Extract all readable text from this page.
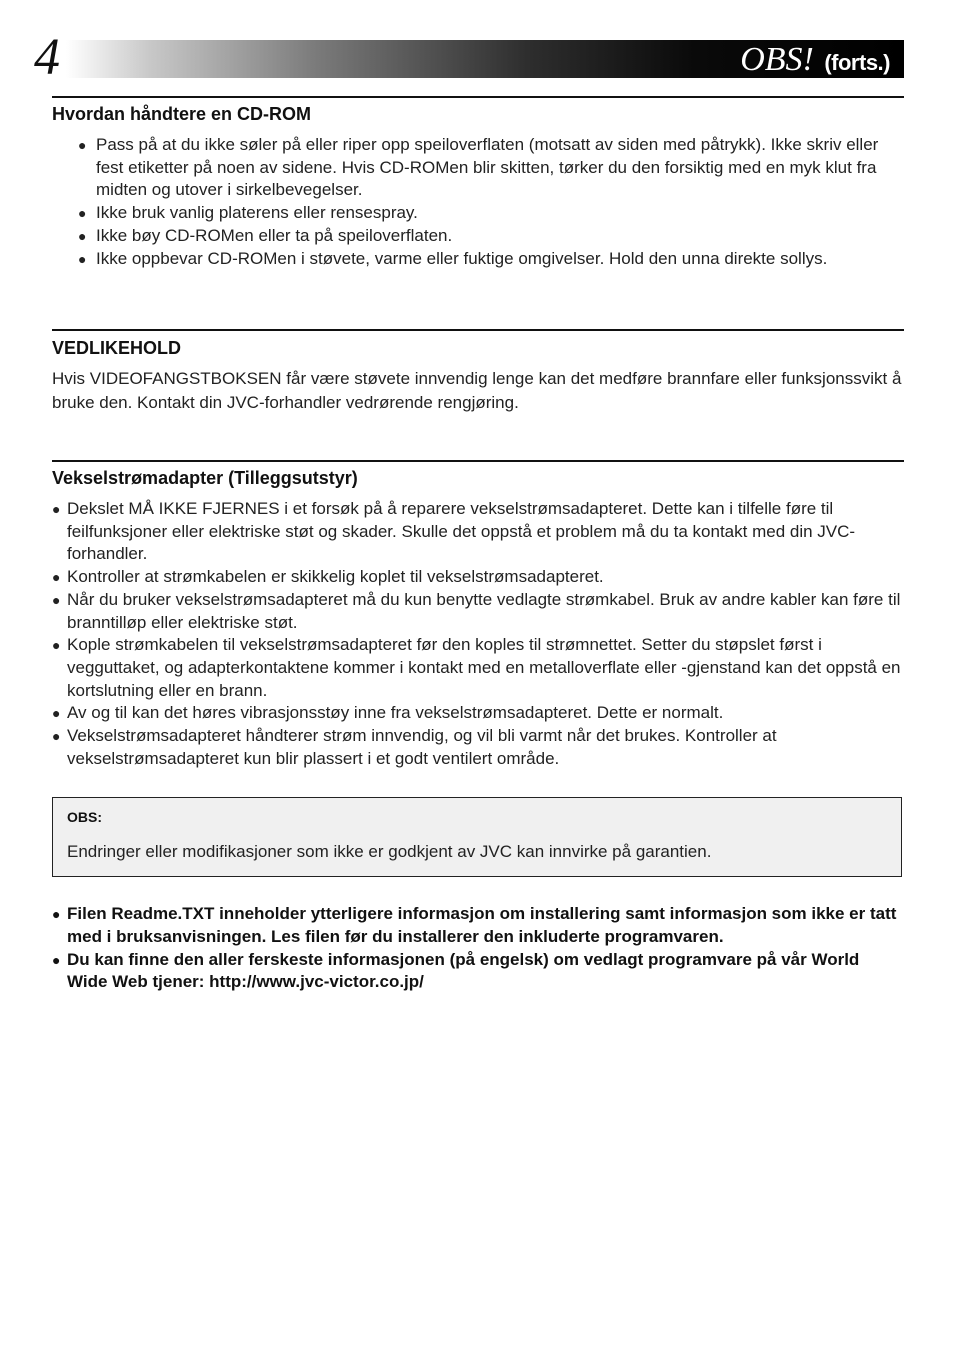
4	OBS! (forts.)
Hvordan håndtere en CD-ROM
● Pass på at du ikke søler på eller riper opp speiloverflaten (motsatt av siden med påtrykk). Ikke skriv eller fest etiketter på noen av sidene. Hvis CD-ROMen blir skitten, tørker du den forsiktig med en myk klut fra midten og utover i sirkelbevegelser.
● Ikke bruk vanlig platerens eller rensespray.
● Ikke bøy CD-ROMen eller ta på speiloverflaten.
● Ikke oppbevar CD-ROMen i støvete, varme eller fuktige omgivelser. Hold den unna direkte sollys.
VEDLIKEHOLD
Hvis VIDEOFANGSTBOKSEN får være støvete innvendig lenge kan det medføre brannfare eller funksjonssvikt å bruke den. Kontakt din JVC-forhandler vedrørende rengjøring.
Vekselstrømadapter (Tilleggsutstyr)
● Dekslet MÅ IKKE FJERNES i et forsøk på å reparere vekselstrømsadapteret. Dette kan i tilfelle føre til feilfunksjoner eller elektriske støt og skader. Skulle det oppstå et problem må du ta kontakt med din JVC-forhandler.
● Kontroller at strømkabelen er skikkelig koplet til vekselstrømsadapteret.
● Når du bruker vekselstrømsadapteret må du kun benytte vedlagte strømkabel. Bruk av andre kabler kan føre til branntilløp eller elektriske støt.
● Kople strømkabelen til vekselstrømsadapteret før den koples til strømnettet. Setter du støpslet først i vegguttaket, og adapterkontaktene kommer i kontakt med en metalloverflate eller -gjenstand kan det oppstå en kortslutning eller en brann.
● Av og til kan det høres vibrasjonsstøy inne fra vekselstrømsadapteret. Dette er normalt.
● Vekselstrømsadapteret håndterer strøm innvendig, og vil bli varmt når det brukes. Kontroller at vekselstrømsadapteret kun blir plassert i et godt ventilert område.
OBS:
Endringer eller modifikasjoner som ikke er godkjent av JVC kan innvirke på garantien.
● Filen Readme.TXT inneholder ytterligere informasjon om installering samt informasjon som ikke er tatt med i bruksanvisningen. Les filen før du installerer den inkluderte programvaren.
● Du kan finne den aller ferskeste informasjonen (på engelsk) om vedlagt programvare på vår World Wide Web tjener: http://www.jvc-victor.co.jp/
